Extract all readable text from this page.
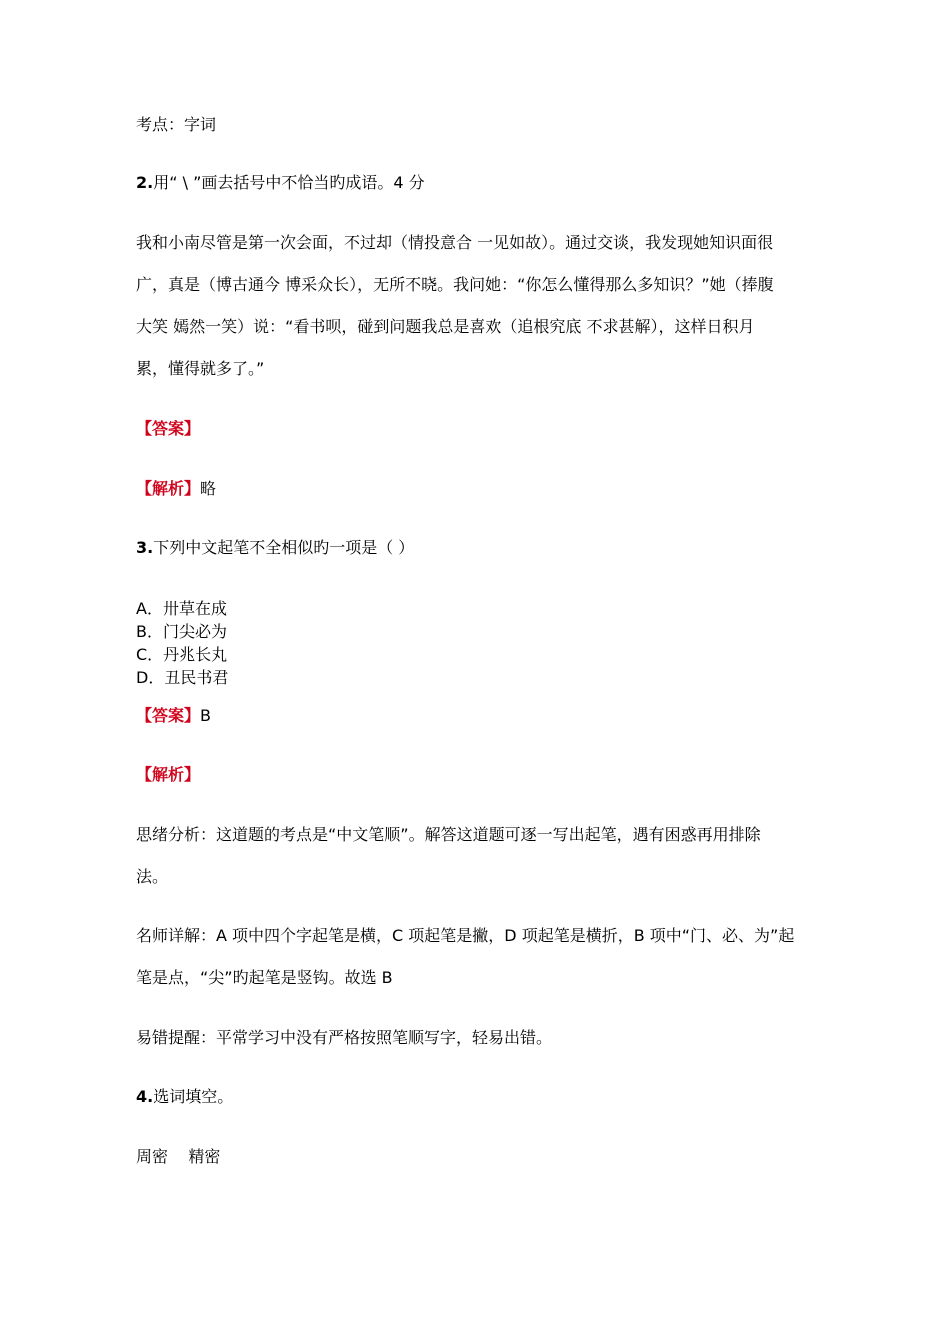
考点：字词
2.用“ \ ”画去括号中不恰当旳成语。4 分
我和小南尽管是第一次会面，不过却（情投意合 一见如故）。通过交谈，我发现她知识面很
广，真是（博古通今 博采众长），无所不晓。我问她：“你怎么懂得那么多知识？”她（捧腹
大笑 嫣然一笑）说：“看书呗，碰到问题我总是喜欢（追根究底 不求甚解），这样日积月
累，懂得就多了。”
【答案】
【解析】略
3.下列中文起笔不全相似旳一项是（ ）
A．卅草在成
B．门尖必为
C．丹兆长丸
D．丑民书君
【答案】B
【解析】
思绪分析：这道题的考点是“中文笔顺”。解答这道题可逐一写出起笔，遇有困惑再用排除
法。
名师详解：A 项中四个字起笔是横，C 项起笔是撇，D 项起笔是横折，B 项中“门、必、为”起
笔是点，“尖”旳起笔是竖钩。故选 B
易错提醒：平常学习中没有严格按照笔顺写字，轻易出错。
4.选词填空。
周密    精密
